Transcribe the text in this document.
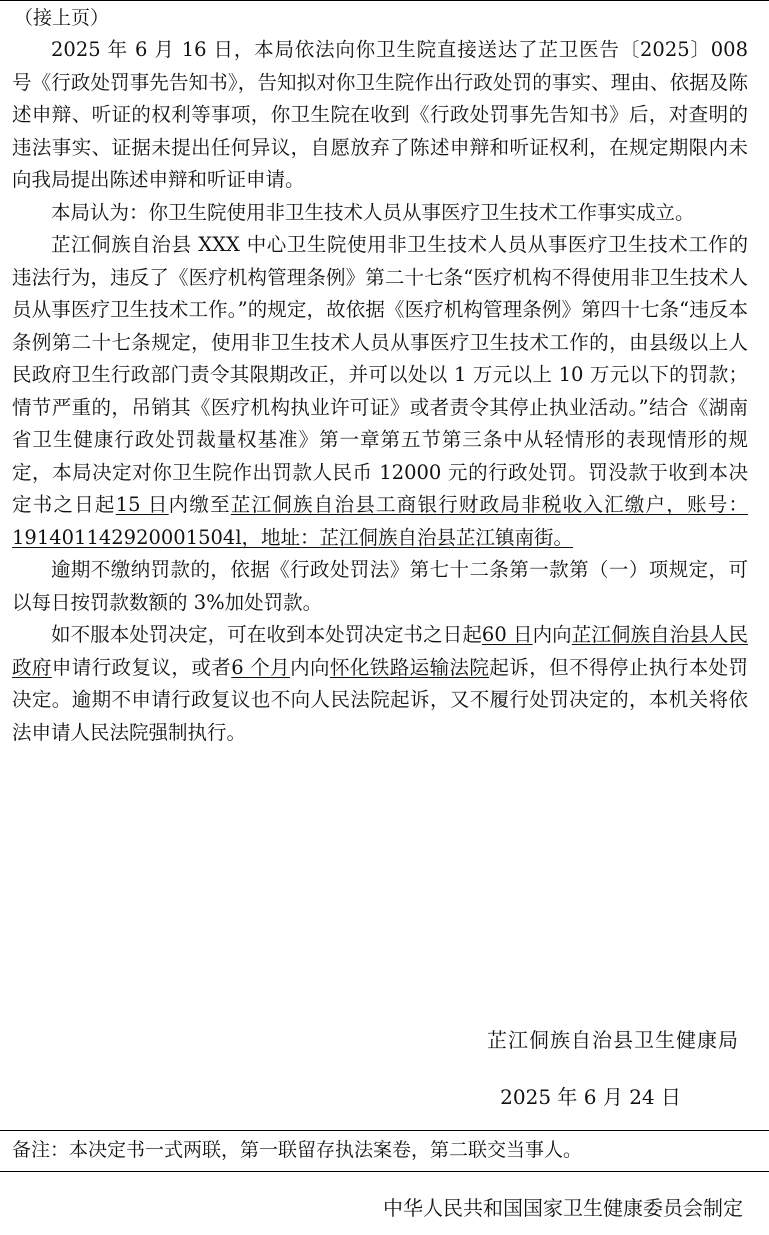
（接上页）

2025 年 6 月 16 日，本局依法向你卫生院直接送达了芷卫医告〔2025〕008 号《行政处罚事先告知书》，告知拟对你卫生院作出行政处罚的事实、理由、依据及陈述申辩、听证的权利等事项，你卫生院在收到《行政处罚事先告知书》后，对查明的违法事实、证据未提出任何异议，自愿放弃了陈述申辩和听证权利，在规定期限内未向我局提出陈述申辩和听证申请。

本局认为：你卫生院使用非卫生技术人员从事医疗卫生技术工作事实成立。

芷江侗族自治县 XXX 中心卫生院使用非卫生技术人员从事医疗卫生技术工作的违法行为，违反了《医疗机构管理条例》第二十七条“医疗机构不得使用非卫生技术人员从事医疗卫生技术工作。”的规定，故依据《医疗机构管理条例》第四十七条“违反本条例第二十七条规定，使用非卫生技术人员从事医疗卫生技术工作的，由县级以上人民政府卫生行政部门责令其限期改正，并可以处以 1 万元以上 10 万元以下的罚款；情节严重的，吊销其《医疗机构执业许可证》或者责令其停止执业活动。”结合《湖南省卫生健康行政处罚裁量权基准》第一章第五节第三条中从轻情形的表现情形的规定，本局决定对你卫生院作出罚款人民币 12000 元的行政处罚。罚没款于收到本决定书之日起15 日内缴至芷江侗族自治县工商银行财政局非税收入汇缴户，账号：191401142920001504l，地址：芷江侗族自治县芷江镇南街。

逾期不缴纳罚款的，依据《行政处罚法》第七十二条第一款第（一）项规定，可以每日按罚款数额的 3%加处罚款。

如不服本处罚决定，可在收到本处罚决定书之日起60 日内向芷江侗族自治县人民政府申请行政复议，或者6 个月内向怀化铁路运输法院起诉，但不得停止执行本处罚决定。逾期不申请行政复议也不向人民法院起诉，又不履行处罚决定的，本机关将依法申请人民法院强制执行。

芷江侗族自治县卫生健康局
2025 年 6 月 24 日
备注：本决定书一式两联，第一联留存执法案卷，第二联交当事人。
中华人民共和国国家卫生健康委员会制定
